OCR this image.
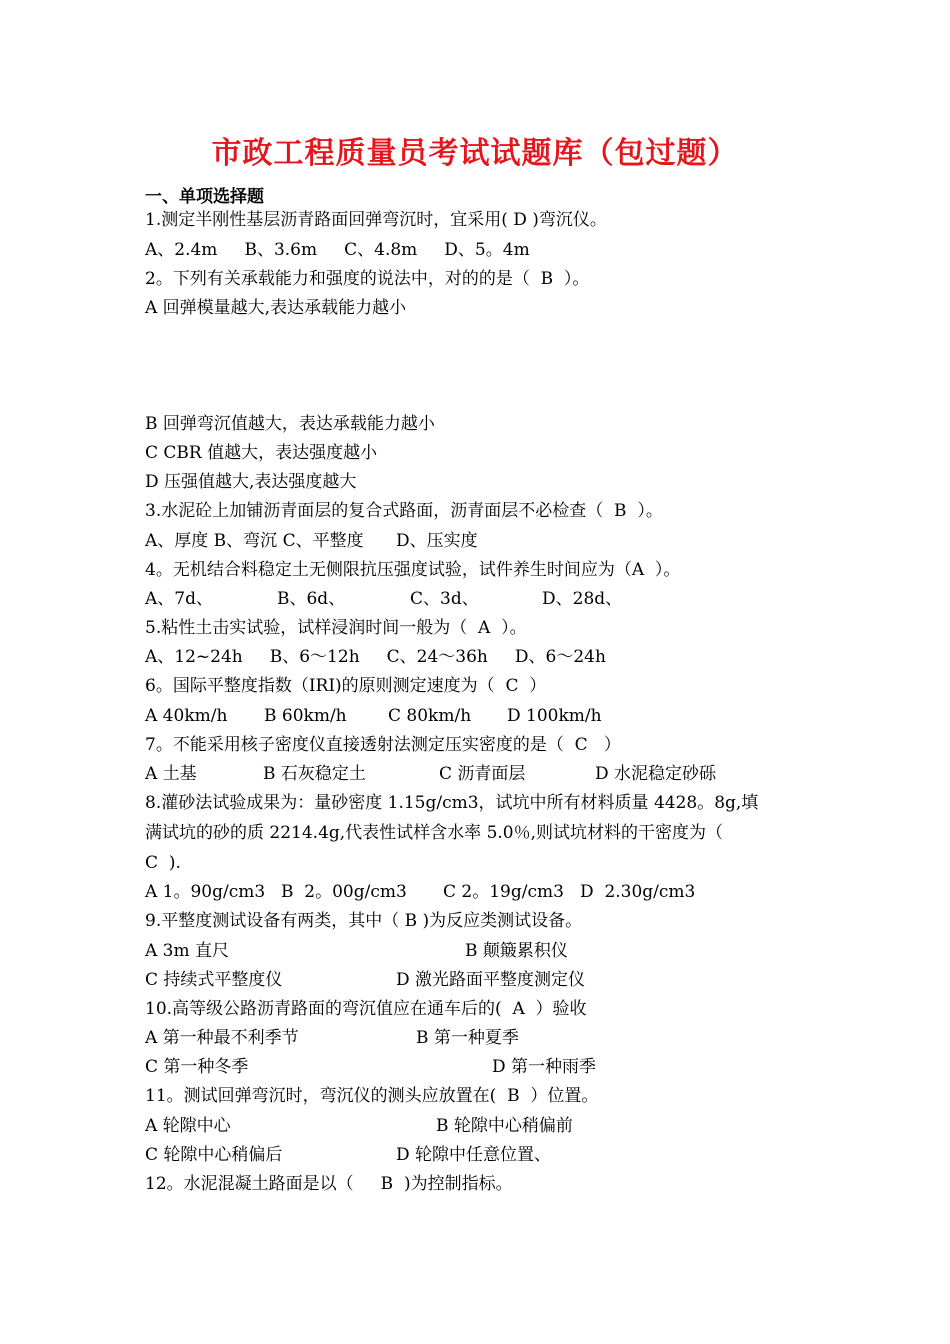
市政工程质量员考试试题库（包过题）
一、单项选择题
1.测定半刚性基层沥青路面回弹弯沉时，宜采用( D )弯沉仪。
A、2.4m     B、3.6m     C、4.8m     D、5。4m
2。下列有关承载能力和强度的说法中，对的的是（  B  ）。
A 回弹模量越大,表达承载能力越小
B 回弹弯沉值越大，表达承载能力越小
C CBR 值越大，表达强度越小
D 压强值越大,表达强度越大
3.水泥砼上加铺沥青面层的复合式路面，沥青面层不必检查（  B  ）。
A、厚度 B、弯沉 C、平整度      D、压实度
4。无机结合料稳定土无侧限抗压强度试验，试件养生时间应为（A  ）。
A、7d、	B、6d、	C、3d、	D、28d、
5.粘性土击实试验，试样浸润时间一般为（  A  ）。
A、12~24h     B、6～12h     C、24～36h     D、6～24h
6。国际平整度指数（IRI)的原则测定速度为（  C  ）
A 40km/h B 60km/h C 80km/h D 100km/h
7。不能采用核子密度仪直接透射法测定压实密度的是（  C   ）
A 土基	B 石灰稳定土	C 沥青面层	D 水泥稳定砂砾
8.灌砂法试验成果为：量砂密度 1.15g/cm3，试坑中所有材料质量 4428。8g,填
满试坑的砂的质 2214.4g,代表性试样含水率 5.0％,则试坑材料的干密度为（
C  ).
A 1。90g/cm3 B  2。00g/cm3 C 2。19g/cm3 D  2.30g/cm3
9.平整度测试设备有两类，其中（ B )为反应类测试设备。
A 3m 直尺	B 颠簸累积仪
C 持续式平整度仪	D 激光路面平整度测定仪
10.高等级公路沥青路面的弯沉值应在通车后的(  A  ）验收
A 第一种最不利季节	B 第一种夏季
C 第一种冬季	D 第一种雨季
11。测试回弹弯沉时，弯沉仪的测头应放置在(  B  ）位置。
A 轮隙中心	B 轮隙中心稍偏前
C 轮隙中心稍偏后	D 轮隙中任意位置、
12。水泥混凝土路面是以（     B  )为控制指标。
